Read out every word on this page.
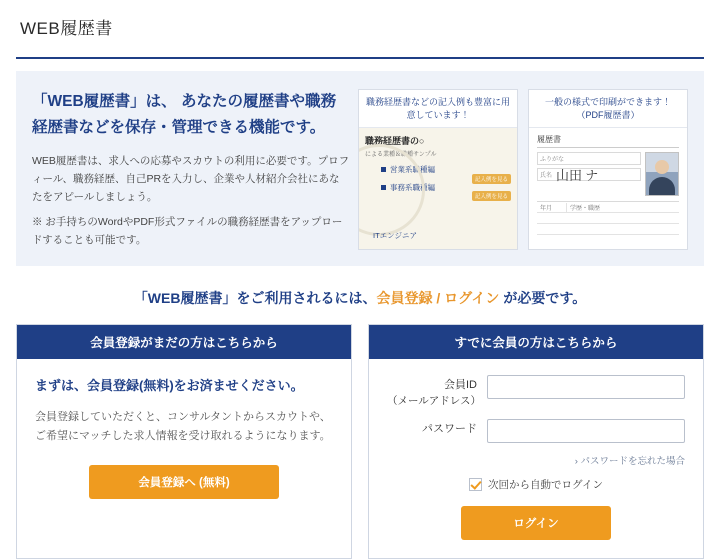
WEB履歴書

「WEB履歴書」は、 あなたの履歴書や職務経歴書などを保存・管理できる機能です。

WEB履歴書は、求人への応募やスカウトの利用に必要です。プロフィール、職務経歴、自己PRを入力し、企業や人材紹介会社にあなたをアピールしましょう。

※ お手持ちのWordやPDF形式ファイルの職務経歴書をアップロードすることも可能です。

職務経歴書などの記入例も豊富に用意しています！
職務経歴書の○
による業種＆職種サンプル
営業系職種編
記入例を見る
事務系職種編
記入例を見る
ITエンジニア
一般の様式で印刷ができます！（PDF履歴書）
履歴書
ふりがな
氏名 山田 ナ
年月	学歴・職歴
「WEB履歴書」をご利用されるには、会員登録 / ログイン が必要です。
会員登録がまだの方はこちらから

まずは、会員登録(無料)をお済ませください。

会員登録していただくと、コンサルタントからスカウトや、ご希望にマッチした求人情報を受け取れるようになります。

会員登録へ (無料)
すでに会員の方はこちらから
会員ID
（メールアドレス）
パスワード
› パスワードを忘れた場合
次回から自動でログイン
ログイン
